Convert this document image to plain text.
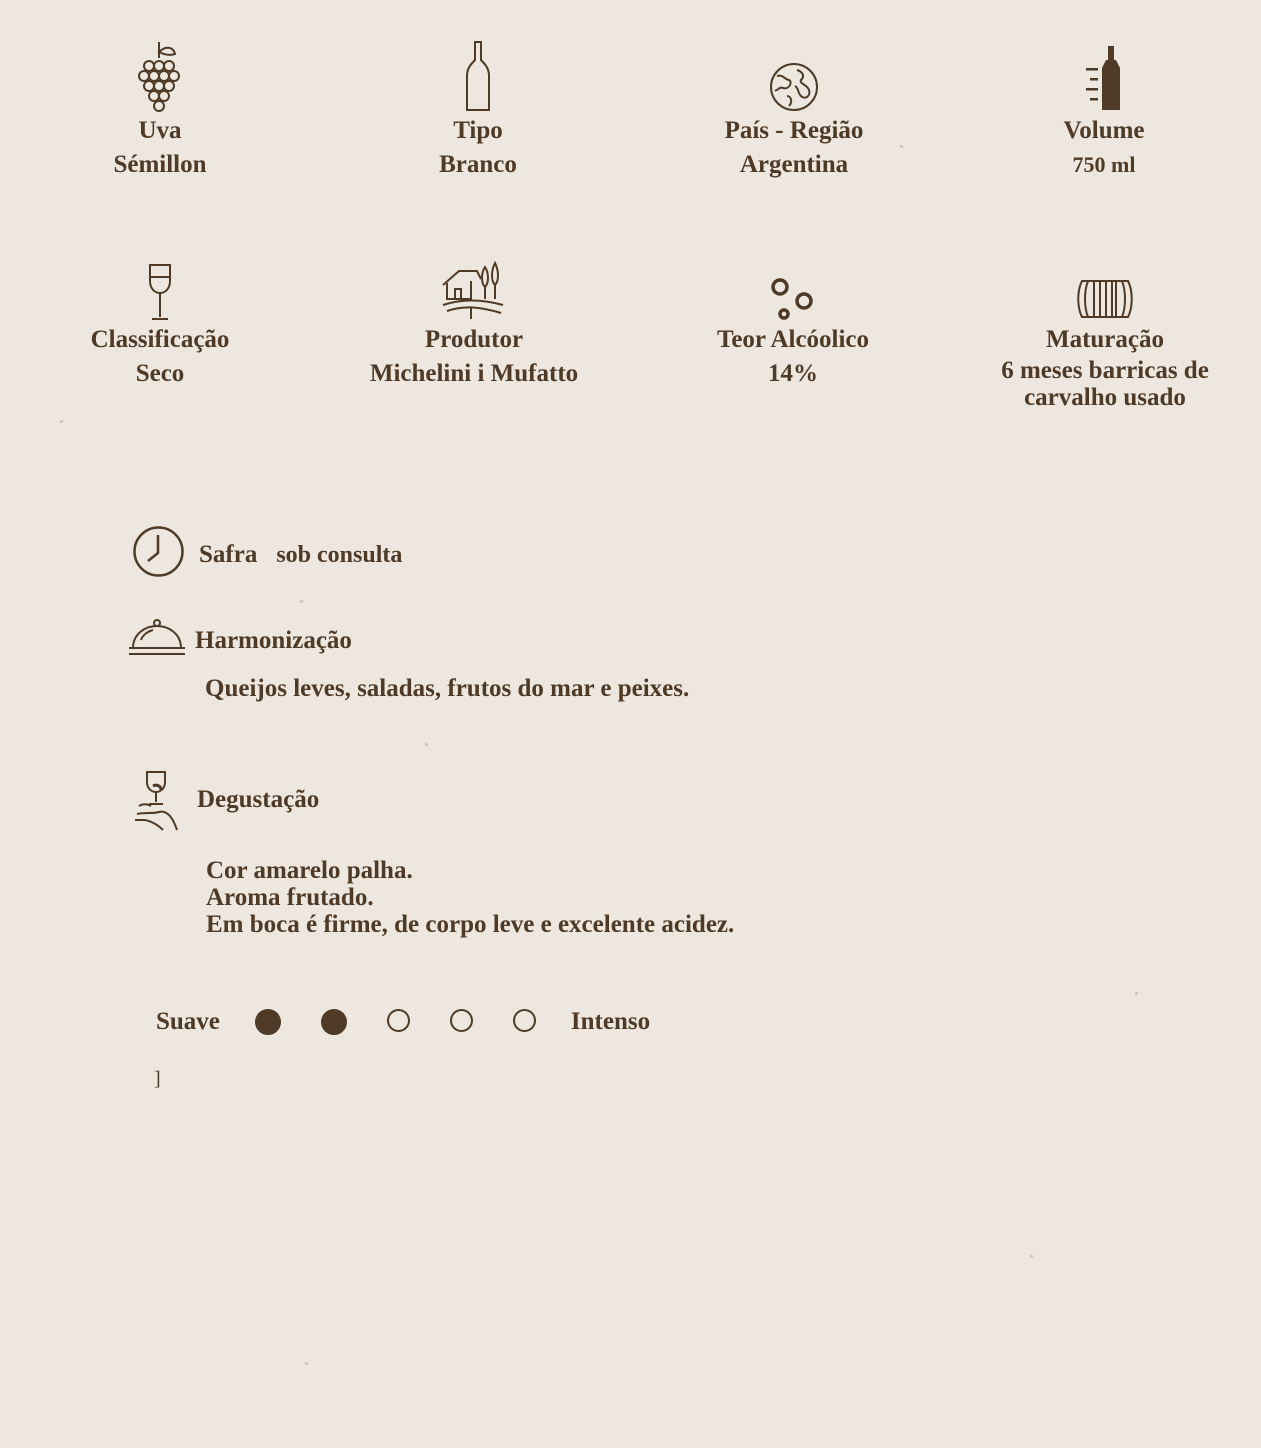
Uva
Sémillon
Tipo
Branco
País - Região
Argentina
Volume
750 ml
Classificação
Seco
Produtor
Michelini i Mufatto
Teor Alcóolico
14%
Maturação
6 meses barricas de carvalho usado
Safra sob consulta
Harmonização
Queijos leves, saladas, frutos do mar e peixes.
Degustação
Cor amarelo palha.
Aroma frutado.
Em boca é firme, de corpo leve e excelente acidez.
Suave	Intenso
]
